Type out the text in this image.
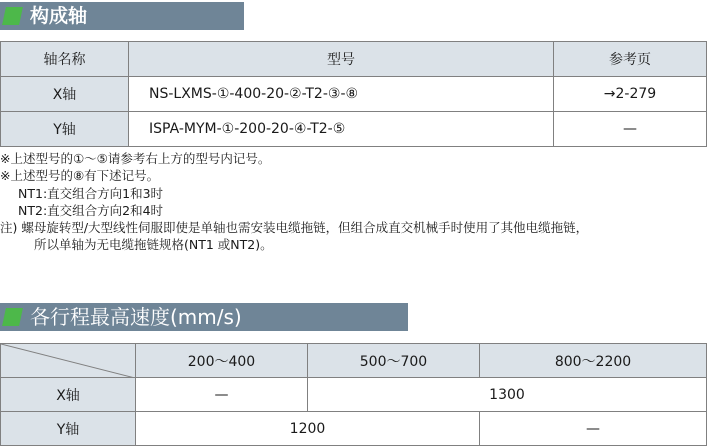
构成轴
轴名称	型号	参考页
X轴	NS-LXMS-①-400-20-②-T2-③-⑧	→2-279
Y轴	ISPA-MYM-①-200-20-④-T2-⑤	—
※上述型号的①～⑤请参考右上方的型号内记号。
※上述型号的⑧有下述记号。
NT1:直交组合方向1和3时
NT2:直交组合方向2和4时
注) 螺母旋转型/大型线性伺服即使是单轴也需安装电缆拖链，但组合成直交机械手时使用了其他电缆拖链，
所以单轴为无电缆拖链规格(NT1 或NT2)。
各行程最高速度(mm/s)
	200～400	500～700	800～2200
X轴	—	1300	
Y轴	1200		—
